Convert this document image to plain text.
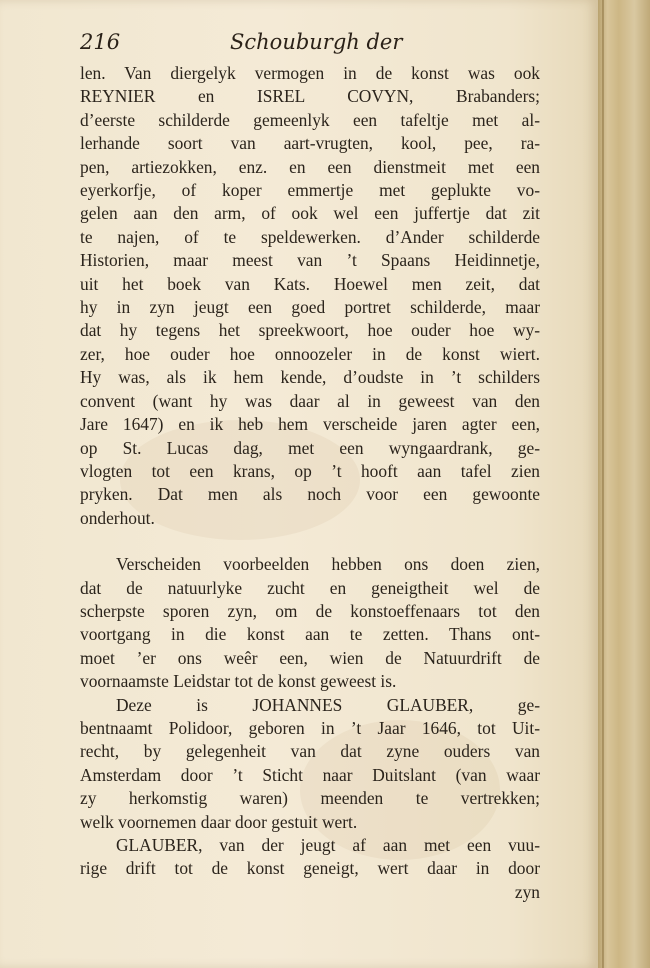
216	Schouburgh der
len. Van diergelyk vermogen in de konst was ook
REYNIER en ISREL COVYN, Brabanders;
d’eerste schilderde gemeenlyk een tafeltje met al-
lerhande soort van aart-vrugten, kool, pee, ra-
pen, artiezokken, enz. en een dienstmeit met een
eyerkorfje, of koper emmertje met geplukte vo-
gelen aan den arm, of ook wel een juffertje dat zit
te najen, of te speldewerken. d’Ander schilderde
Historien, maar meest van ’t Spaans Heidinnetje,
uit het boek van Kats. Hoewel men zeit, dat
hy in zyn jeugt een goed portret schilderde, maar
dat hy tegens het spreekwoort, hoe ouder hoe wy-
zer, hoe ouder hoe onnoozeler in de konst wiert.
Hy was, als ik hem kende, d’oudste in ’t schilders
convent (want hy was daar al in geweest van den
Jare 1647) en ik heb hem verscheide jaren agter een,
op St. Lucas dag, met een wyngaardrank, ge-
vlogten tot een krans, op ’t hooft aan tafel zien
pryken. Dat men als noch voor een gewoonte
onderhout.
Verscheiden voorbeelden hebben ons doen zien,
dat de natuurlyke zucht en geneigtheit wel de
scherpste sporen zyn, om de konstoeffenaars tot den
voortgang in die konst aan te zetten. Thans ont-
moet ’er ons weêr een, wien de Natuurdrift de
voornaamste Leidstar tot de konst geweest is.
Deze is JOHANNES GLAUBER, ge-
bentnaamt Polidoor, geboren in ’t Jaar 1646, tot Uit-
recht, by gelegenheit van dat zyne ouders van
Amsterdam door ’t Sticht naar Duitslant (van waar
zy herkomstig waren) meenden te vertrekken;
welk voornemen daar door gestuit wert.
GLAUBER, van der jeugt af aan met een vuu-
rige drift tot de konst geneigt, wert daar in door
zyn
